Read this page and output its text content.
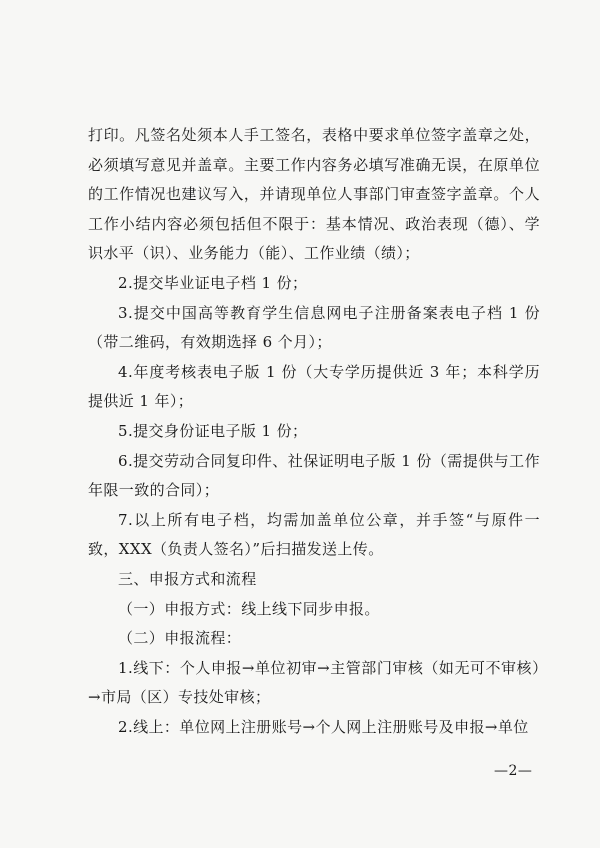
打印。凡签名处须本人手工签名，表格中要求单位签字盖章之处，必须填写意见并盖章。主要工作内容务必填写准确无误，在原单位的工作情况也建议写入，并请现单位人事部门审查签字盖章。个人工作小结内容必须包括但不限于：基本情况、政治表现（德）、学识水平（识）、业务能力（能）、工作业绩（绩）；

2.提交毕业证电子档 1 份；

3.提交中国高等教育学生信息网电子注册备案表电子档 1 份（带二维码，有效期选择 6 个月）；

4.年度考核表电子版 1 份（大专学历提供近 3 年；本科学历提供近 1 年）；

5.提交身份证电子版 1 份；

6.提交劳动合同复印件、社保证明电子版 1 份（需提供与工作年限一致的合同）；

7.以上所有电子档，均需加盖单位公章，并手签“与原件一致，XXX（负责人签名）”后扫描发送上传。

三、申报方式和流程

（一）申报方式：线上线下同步申报。

（二）申报流程：

1.线下：个人申报→单位初审→主管部门审核（如无可不审核）→市局（区）专技处审核；

2.线上：单位网上注册账号→个人网上注册账号及申报→单位

—2—
